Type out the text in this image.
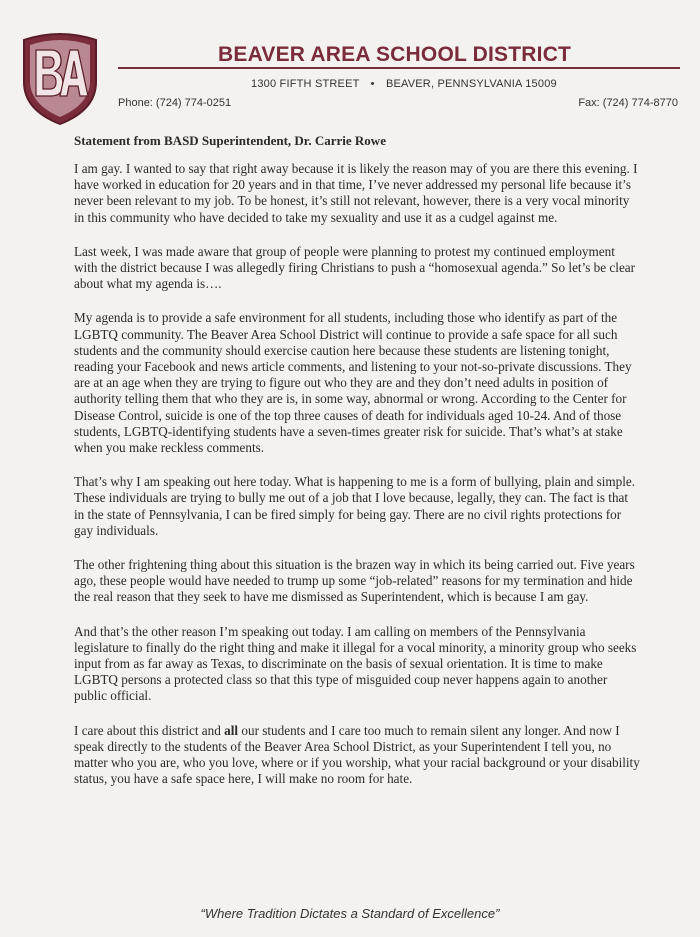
BEAVER AREA SCHOOL DISTRICT
1300 FIFTH STREET • BEAVER, PENNSYLVANIA 15009
Phone: (724) 774-0251	Fax: (724) 774-8770

Statement from BASD Superintendent, Dr. Carrie Rowe

I am gay. I wanted to say that right away because it is likely the reason may of you are there this evening. I have worked in education for 20 years and in that time, I’ve never addressed my personal life because it’s never been relevant to my job. To be honest, it’s still not relevant, however, there is a very vocal minority in this community who have decided to take my sexuality and use it as a cudgel against me.

Last week, I was made aware that group of people were planning to protest my continued employment with the district because I was allegedly firing Christians to push a “homosexual agenda.” So let’s be clear about what my agenda is….

My agenda is to provide a safe environment for all students, including those who identify as part of the LGBTQ community. The Beaver Area School District will continue to provide a safe space for all such students and the community should exercise caution here because these students are listening tonight, reading your Facebook and news article comments, and listening to your not-so-private discussions. They are at an age when they are trying to figure out who they are and they don’t need adults in position of authority telling them that who they are is, in some way, abnormal or wrong. According to the Center for Disease Control, suicide is one of the top three causes of death for individuals aged 10-24. And of those students, LGBTQ-identifying students have a seven-times greater risk for suicide. That’s what’s at stake when you make reckless comments.

That’s why I am speaking out here today. What is happening to me is a form of bullying, plain and simple. These individuals are trying to bully me out of a job that I love because, legally, they can. The fact is that in the state of Pennsylvania, I can be fired simply for being gay. There are no civil rights protections for gay individuals.

The other frightening thing about this situation is the brazen way in which its being carried out. Five years ago, these people would have needed to trump up some “job-related” reasons for my termination and hide the real reason that they seek to have me dismissed as Superintendent, which is because I am gay.

And that’s the other reason I’m speaking out today. I am calling on members of the Pennsylvania legislature to finally do the right thing and make it illegal for a vocal minority, a minority group who seeks input from as far away as Texas, to discriminate on the basis of sexual orientation. It is time to make LGBTQ persons a protected class so that this type of misguided coup never happens again to another public official.

I care about this district and all our students and I care too much to remain silent any longer. And now I speak directly to the students of the Beaver Area School District, as your Superintendent I tell you, no matter who you are, who you love, where or if you worship, what your racial background or your disability status, you have a safe space here, I will make no room for hate.

“Where Tradition Dictates a Standard of Excellence”
